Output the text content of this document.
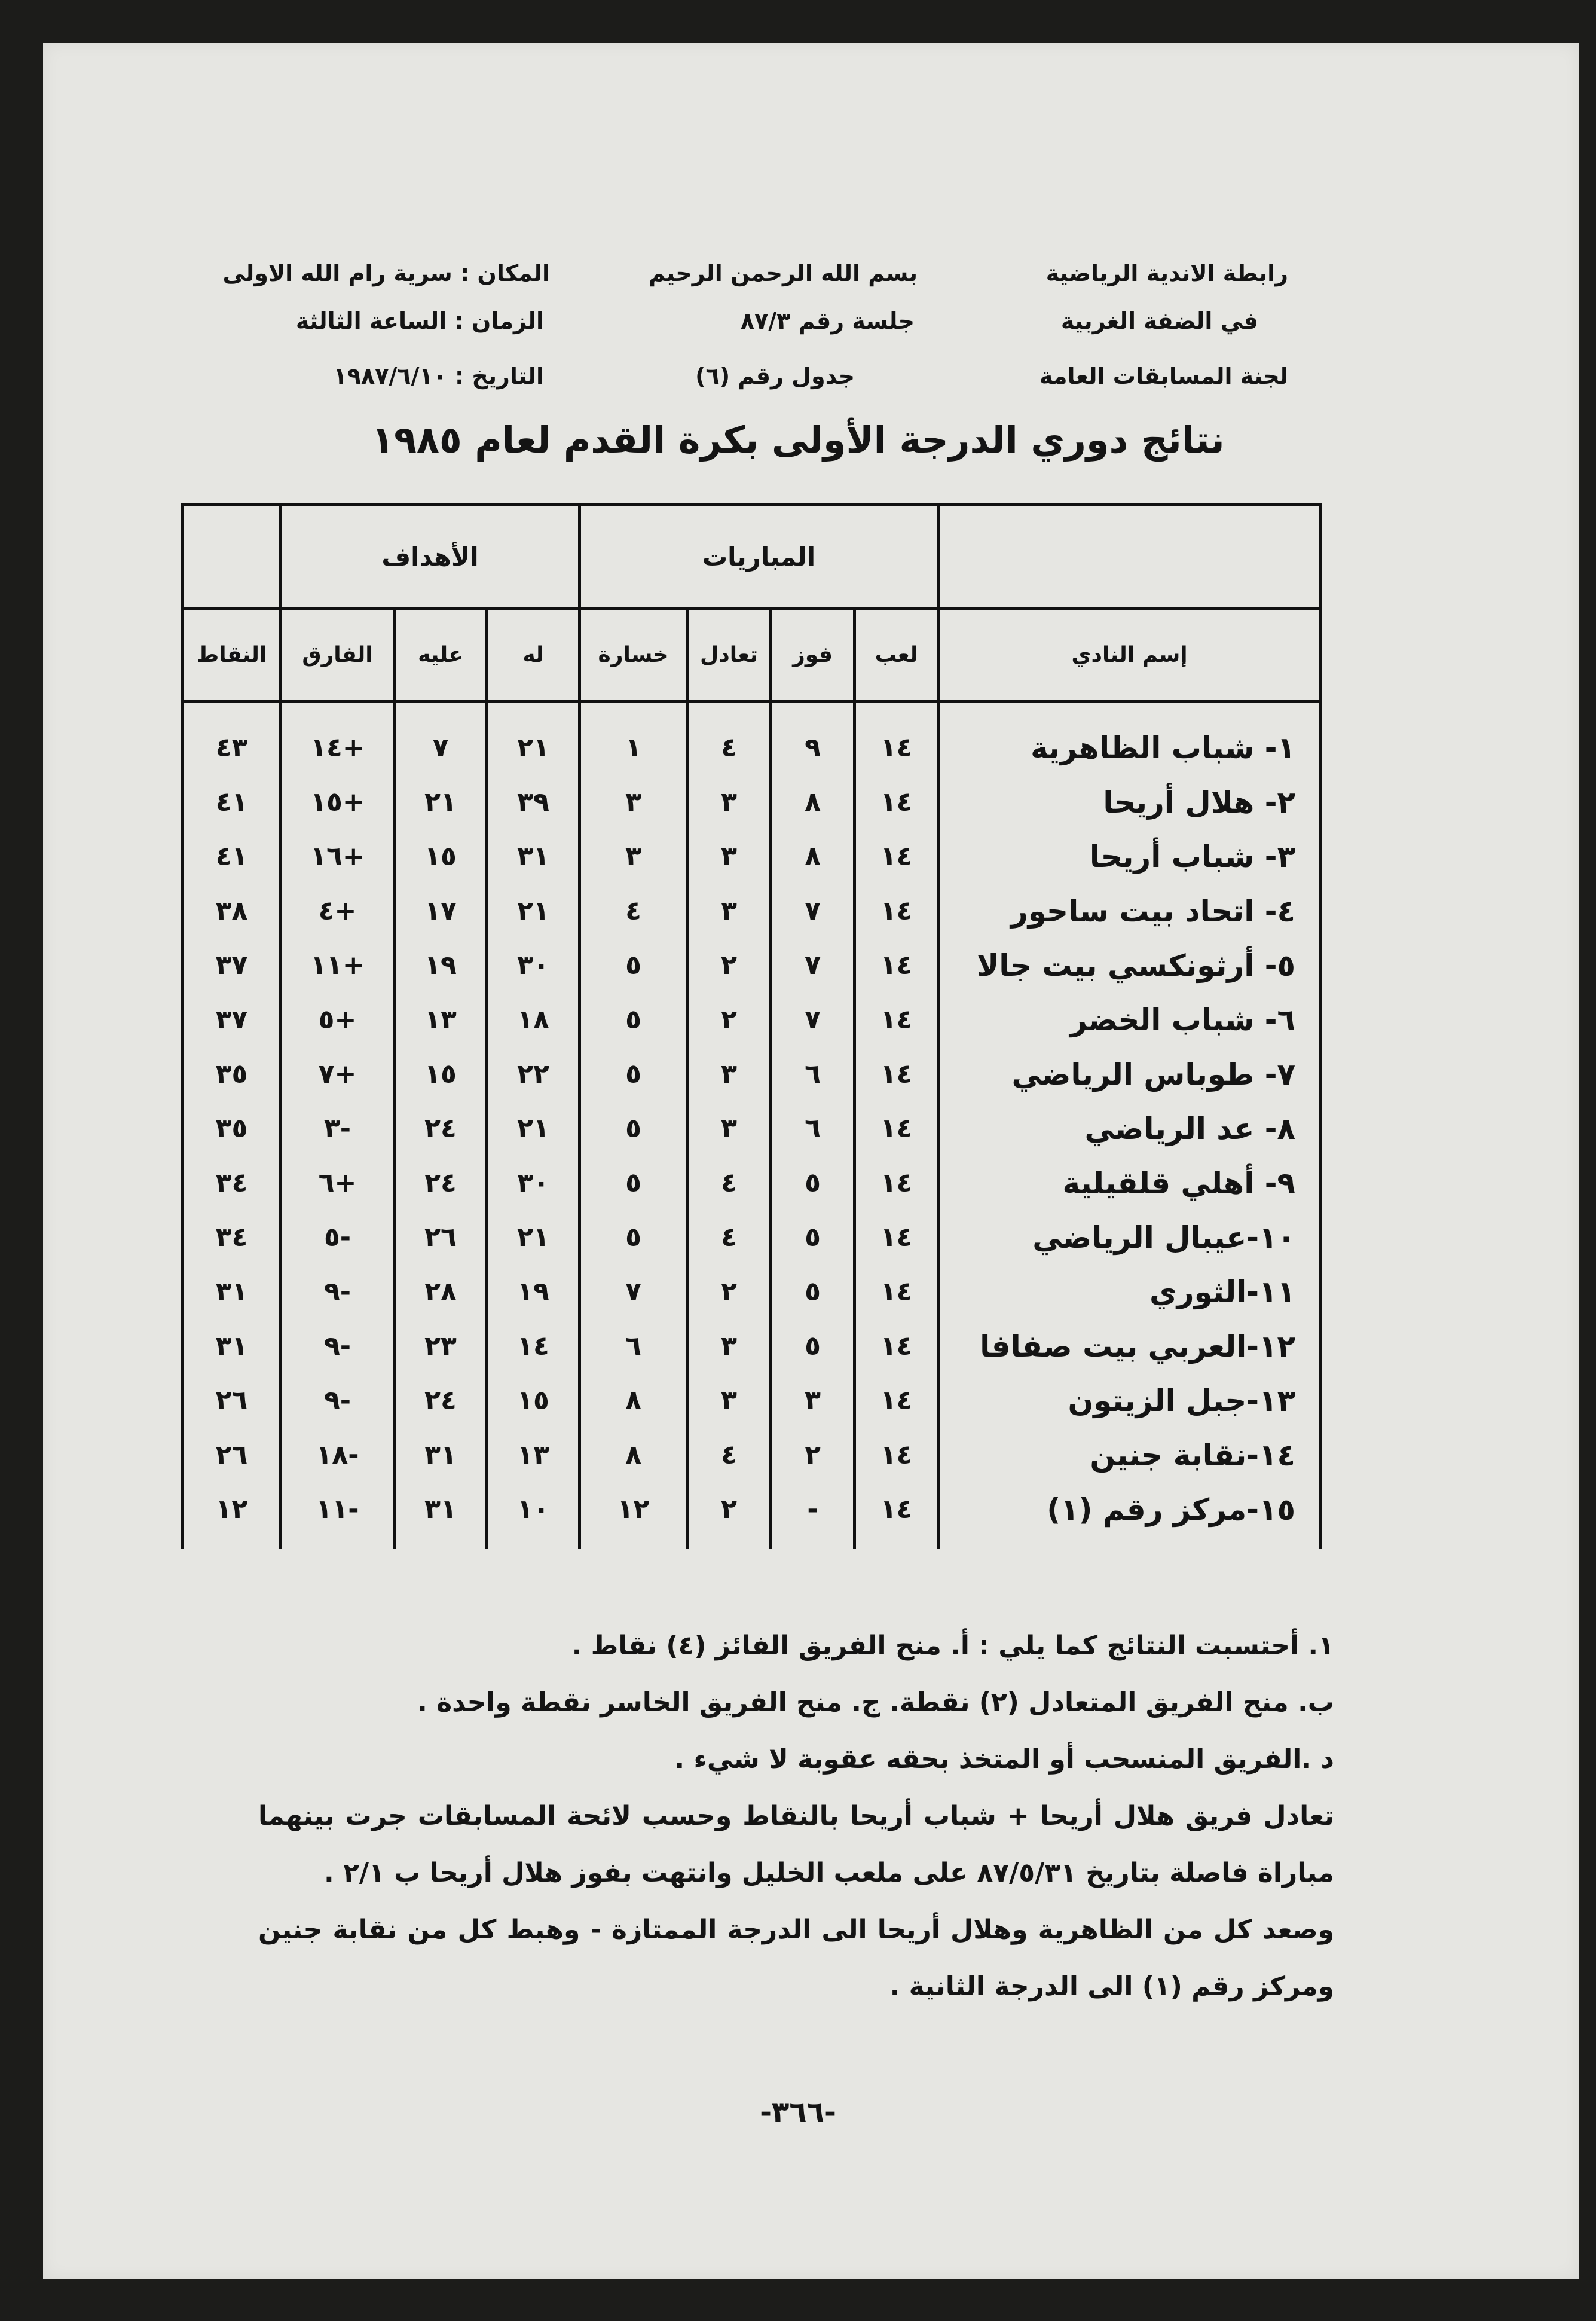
رابطة الاندية الرياضية
في الضفة الغربية
لجنة المسابقات العامة
بسم الله الرحمن الرحيم
جلسة رقم ٨٧/٣
جدول رقم (٦)
المكان : سرية رام الله الاولى
الزمان : الساعة الثالثة
التاريخ : ١٩٨٧/٦/١٠
نتائج دوري الدرجة الأولى بكرة القدم لعام ١٩٨٥
	المباريات				الأهداف			
إسم النادي	لعب	فوز	تعادل	خسارة	له	عليه	الفارق	النقاط
١- شباب الظاهرية	١٤	٩	٤	١	٢١	٧	+١٤	٤٣
٢- هلال أريحا	١٤	٨	٣	٣	٣٩	٢١	+١٥	٤١
٣- شباب أريحا	١٤	٨	٣	٣	٣١	١٥	+١٦	٤١
٤- اتحاد بيت ساحور	١٤	٧	٣	٤	٢١	١٧	+٤	٣٨
٥- أرثونكسي بيت جالا	١٤	٧	٢	٥	٣٠	١٩	+١١	٣٧
٦- شباب الخضر	١٤	٧	٢	٥	١٨	١٣	+٥	٣٧
٧- طوباس الرياضي	١٤	٦	٣	٥	٢٢	١٥	+٧	٣٥
٨- عد الرياضي	١٤	٦	٣	٥	٢١	٢٤	-٣	٣٥
٩- أهلي قلقيلية	١٤	٥	٤	٥	٣٠	٢٤	+٦	٣٤
١٠-عيبال الرياضي	١٤	٥	٤	٥	٢١	٢٦	-٥	٣٤
١١-الثوري	١٤	٥	٢	٧	١٩	٢٨	-٩	٣١
١٢-العربي بيت صفافا	١٤	٥	٣	٦	١٤	٢٣	-٩	٣١
١٣-جبل الزيتون	١٤	٣	٣	٨	١٥	٢٤	-٩	٢٦
١٤-نقابة جنين	١٤	٢	٤	٨	١٣	٣١	-١٨	٢٦
١٥-مركز رقم (١)	١٤	-	٢	١٢	١٠	٣١	-١١	١٢

١. أحتسبت النتائج كما يلي : أ. منح الفريق الفائز (٤) نقاط .

ب. منح الفريق المتعادل (٢) نقطة. ج. منح الفريق الخاسر نقطة واحدة .

د .الفريق المنسحب أو المتخذ بحقه عقوبة لا شيء .

تعادل فريق هلال أريحا + شباب أريحا بالنقاط وحسب لائحة المسابقات جرت بينهما مباراة فاصلة بتاريخ ٨٧/٥/٣١ على ملعب الخليل وانتهت بفوز هلال أريحا ب ٢/١ .

وصعد كل من الظاهرية وهلال أريحا الى الدرجة الممتازة - وهبط كل من نقابة جنين ومركز رقم (١) الى الدرجة الثانية .

-٣٦٦-
